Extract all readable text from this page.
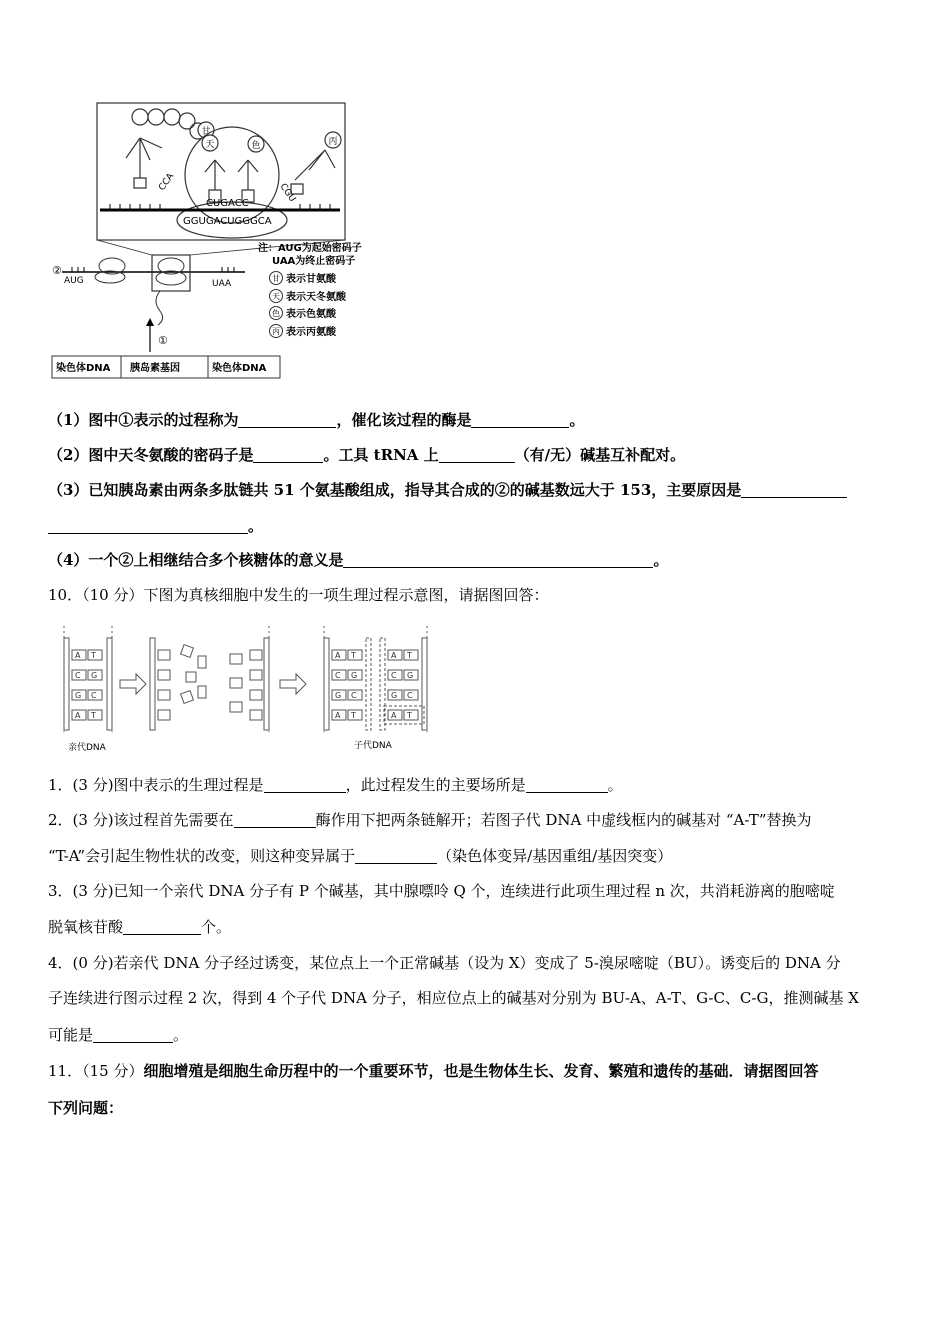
甘
天	色	丙
CCA	CGU
CUGACC
GGUGACUGGGCA
②
AUG	UAA
①
染色体DNA 胰岛素基因	染色体DNA
注：AUG为起始密码子
UAA为终止密码子
甘 表示甘氨酸
天 表示天冬氨酸
色 表示色氨酸
丙 表示丙氨酸
（1）图中①表示的过程称为	，催化该过程的酶是	。
（2）图中天冬氨酸的密码子是	。工具 tRNA 上	（有/无）碱基互补配对。
（3）已知胰岛素由两条多肽链共 51 个氨基酸组成，指导其合成的②的碱基数远大于 153，主要原因是
。
（4）一个②上相继结合多个核糖体的意义是	。
10．（10 分）下图为真核细胞中发生的一项生理过程示意图，请据图回答：
A T
C G
G C
A T
A T
C G
G C
A T
A T
C G
G C
A T
亲代DNA	子代DNA
1．(3 分)图中表示的生理过程是	，此过程发生的主要场所是	。
2．(3 分)该过程首先需要在	酶作用下把两条链解开；若图子代 DNA 中虚线框内的碱基对 “A-T”替换为
“T-A”会引起生物性状的改变，则这种变异属于	（染色体变异/基因重组/基因突变）
3．(3 分)已知一个亲代 DNA 分子有 P 个碱基，其中腺嘌呤 Q 个，连续进行此项生理过程 n 次，共消耗游离的胞嘧啶
脱氧核苷酸	个。
4．(0 分)若亲代 DNA 分子经过诱变，某位点上一个正常碱基（设为 X）变成了 5-溴尿嘧啶（BU）。诱变后的 DNA 分
子连续进行图示过程 2 次，得到 4 个子代 DNA 分子，相应位点上的碱基对分别为 BU-A、A-T、G-C、C-G，推测碱基 X
可能是	。
11．（15 分）细胞增殖是细胞生命历程中的一个重要环节，也是生物体生长、发育、繁殖和遗传的基础．请据图回答
下列问题：
